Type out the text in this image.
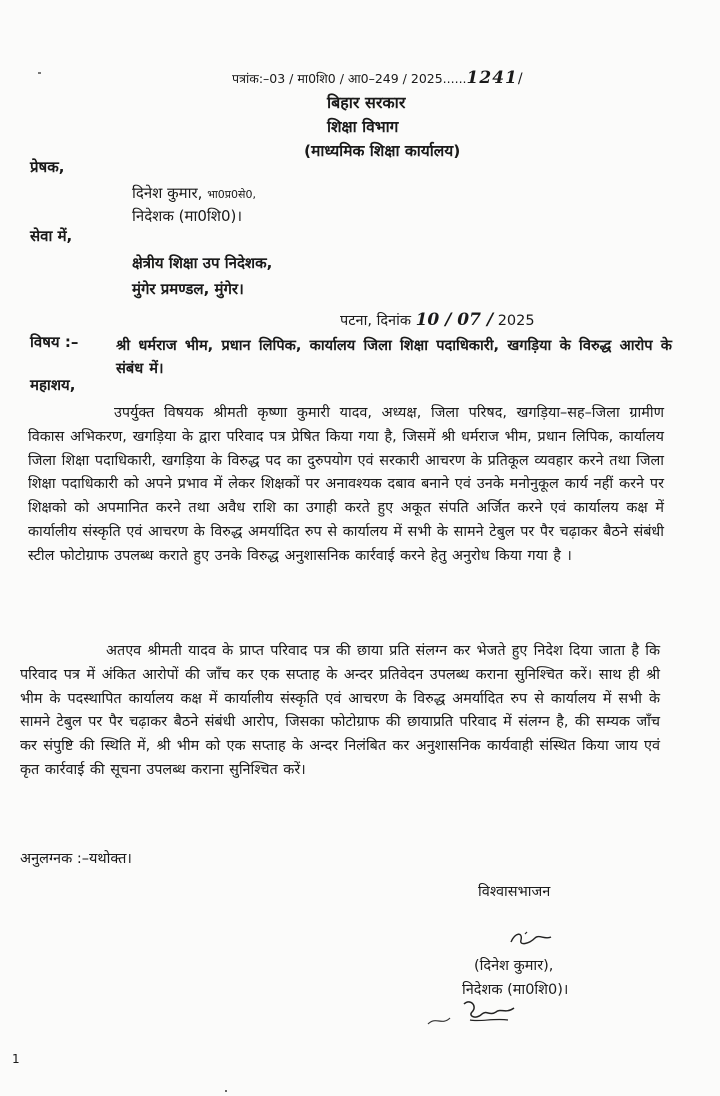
पत्रांक:–03 / मा0शि0 / आ0–249 / 2025......1241/
बिहार सरकार
शिक्षा विभाग
(माध्यमिक शिक्षा कार्यालय)
प्रेषक,
दिनेश कुमार, भा0प्र0से0,
निदेशक (मा0शि0)।
सेवा में,
क्षेत्रीय शिक्षा उप निदेशक,
मुंगेर प्रमण्डल, मुंगेर।
पटना, दिनांक 10 / 07 / 2025
विषय :–	श्री धर्मराज भीम, प्रधान लिपिक, कार्यालय जिला शिक्षा पदाधिकारी, खगड़िया के विरुद्ध आरोप के संबंध में।

महाशय,

उपर्युक्त विषयक श्रीमती कृष्णा कुमारी यादव, अध्यक्ष, जिला परिषद, खगड़िया–सह–जिला ग्रामीण विकास अभिकरण, खगड़िया के द्वारा परिवाद पत्र प्रेषित किया गया है, जिसमें श्री धर्मराज भीम, प्रधान लिपिक, कार्यालय जिला शिक्षा पदाधिकारी, खगड़िया के विरुद्ध पद का दुरुपयोग एवं सरकारी आचरण के प्रतिकूल व्यवहार करने तथा जिला शिक्षा पदाधिकारी को अपने प्रभाव में लेकर शिक्षकों पर अनावश्यक दबाव बनाने एवं उनके मनोनुकूल कार्य नहीं करने पर शिक्षको को अपमानित करने तथा अवैध राशि का उगाही करते हुए अकूत संपति अर्जित करने एवं कार्यालय कक्ष में कार्यालीय संस्कृति एवं आचरण के विरुद्ध अमर्यादित रुप से कार्यालय में सभी के सामने टेबुल पर पैर चढ़ाकर बैठने संबंधी स्टील फोटोग्राफ उपलब्ध कराते हुए उनके विरुद्ध अनुशासनिक कार्रवाई करने हेतु अनुरोध किया गया है ।

अतएव श्रीमती यादव के प्राप्त परिवाद पत्र की छाया प्रति संलग्न कर भेजते हुए निदेश दिया जाता है कि परिवाद पत्र में अंकित आरोपों की जाँच कर एक सप्ताह के अन्दर प्रतिवेदन उपलब्ध कराना सुनिश्चित करें। साथ ही श्री भीम के पदस्थापित कार्यालय कक्ष में कार्यालीय संस्कृति एवं आचरण के विरुद्ध अमर्यादित रुप से कार्यालय में सभी के सामने टेबुल पर पैर चढ़ाकर बैठने संबंधी आरोप, जिसका फोटोग्राफ की छायाप्रति परिवाद में संलग्न है, की सम्यक जाँच कर संपुष्टि की स्थिति में, श्री भीम को एक सप्ताह के अन्दर निलंबित कर अनुशासनिक कार्यवाही संस्थित किया जाय एवं कृत कार्रवाई की सूचना उपलब्ध कराना सुनिश्चित करें।

अनुलग्नक :–यथोक्त।
विश्वासभाजन
(दिनेश कुमार),
निदेशक (मा0शि0)।
1
